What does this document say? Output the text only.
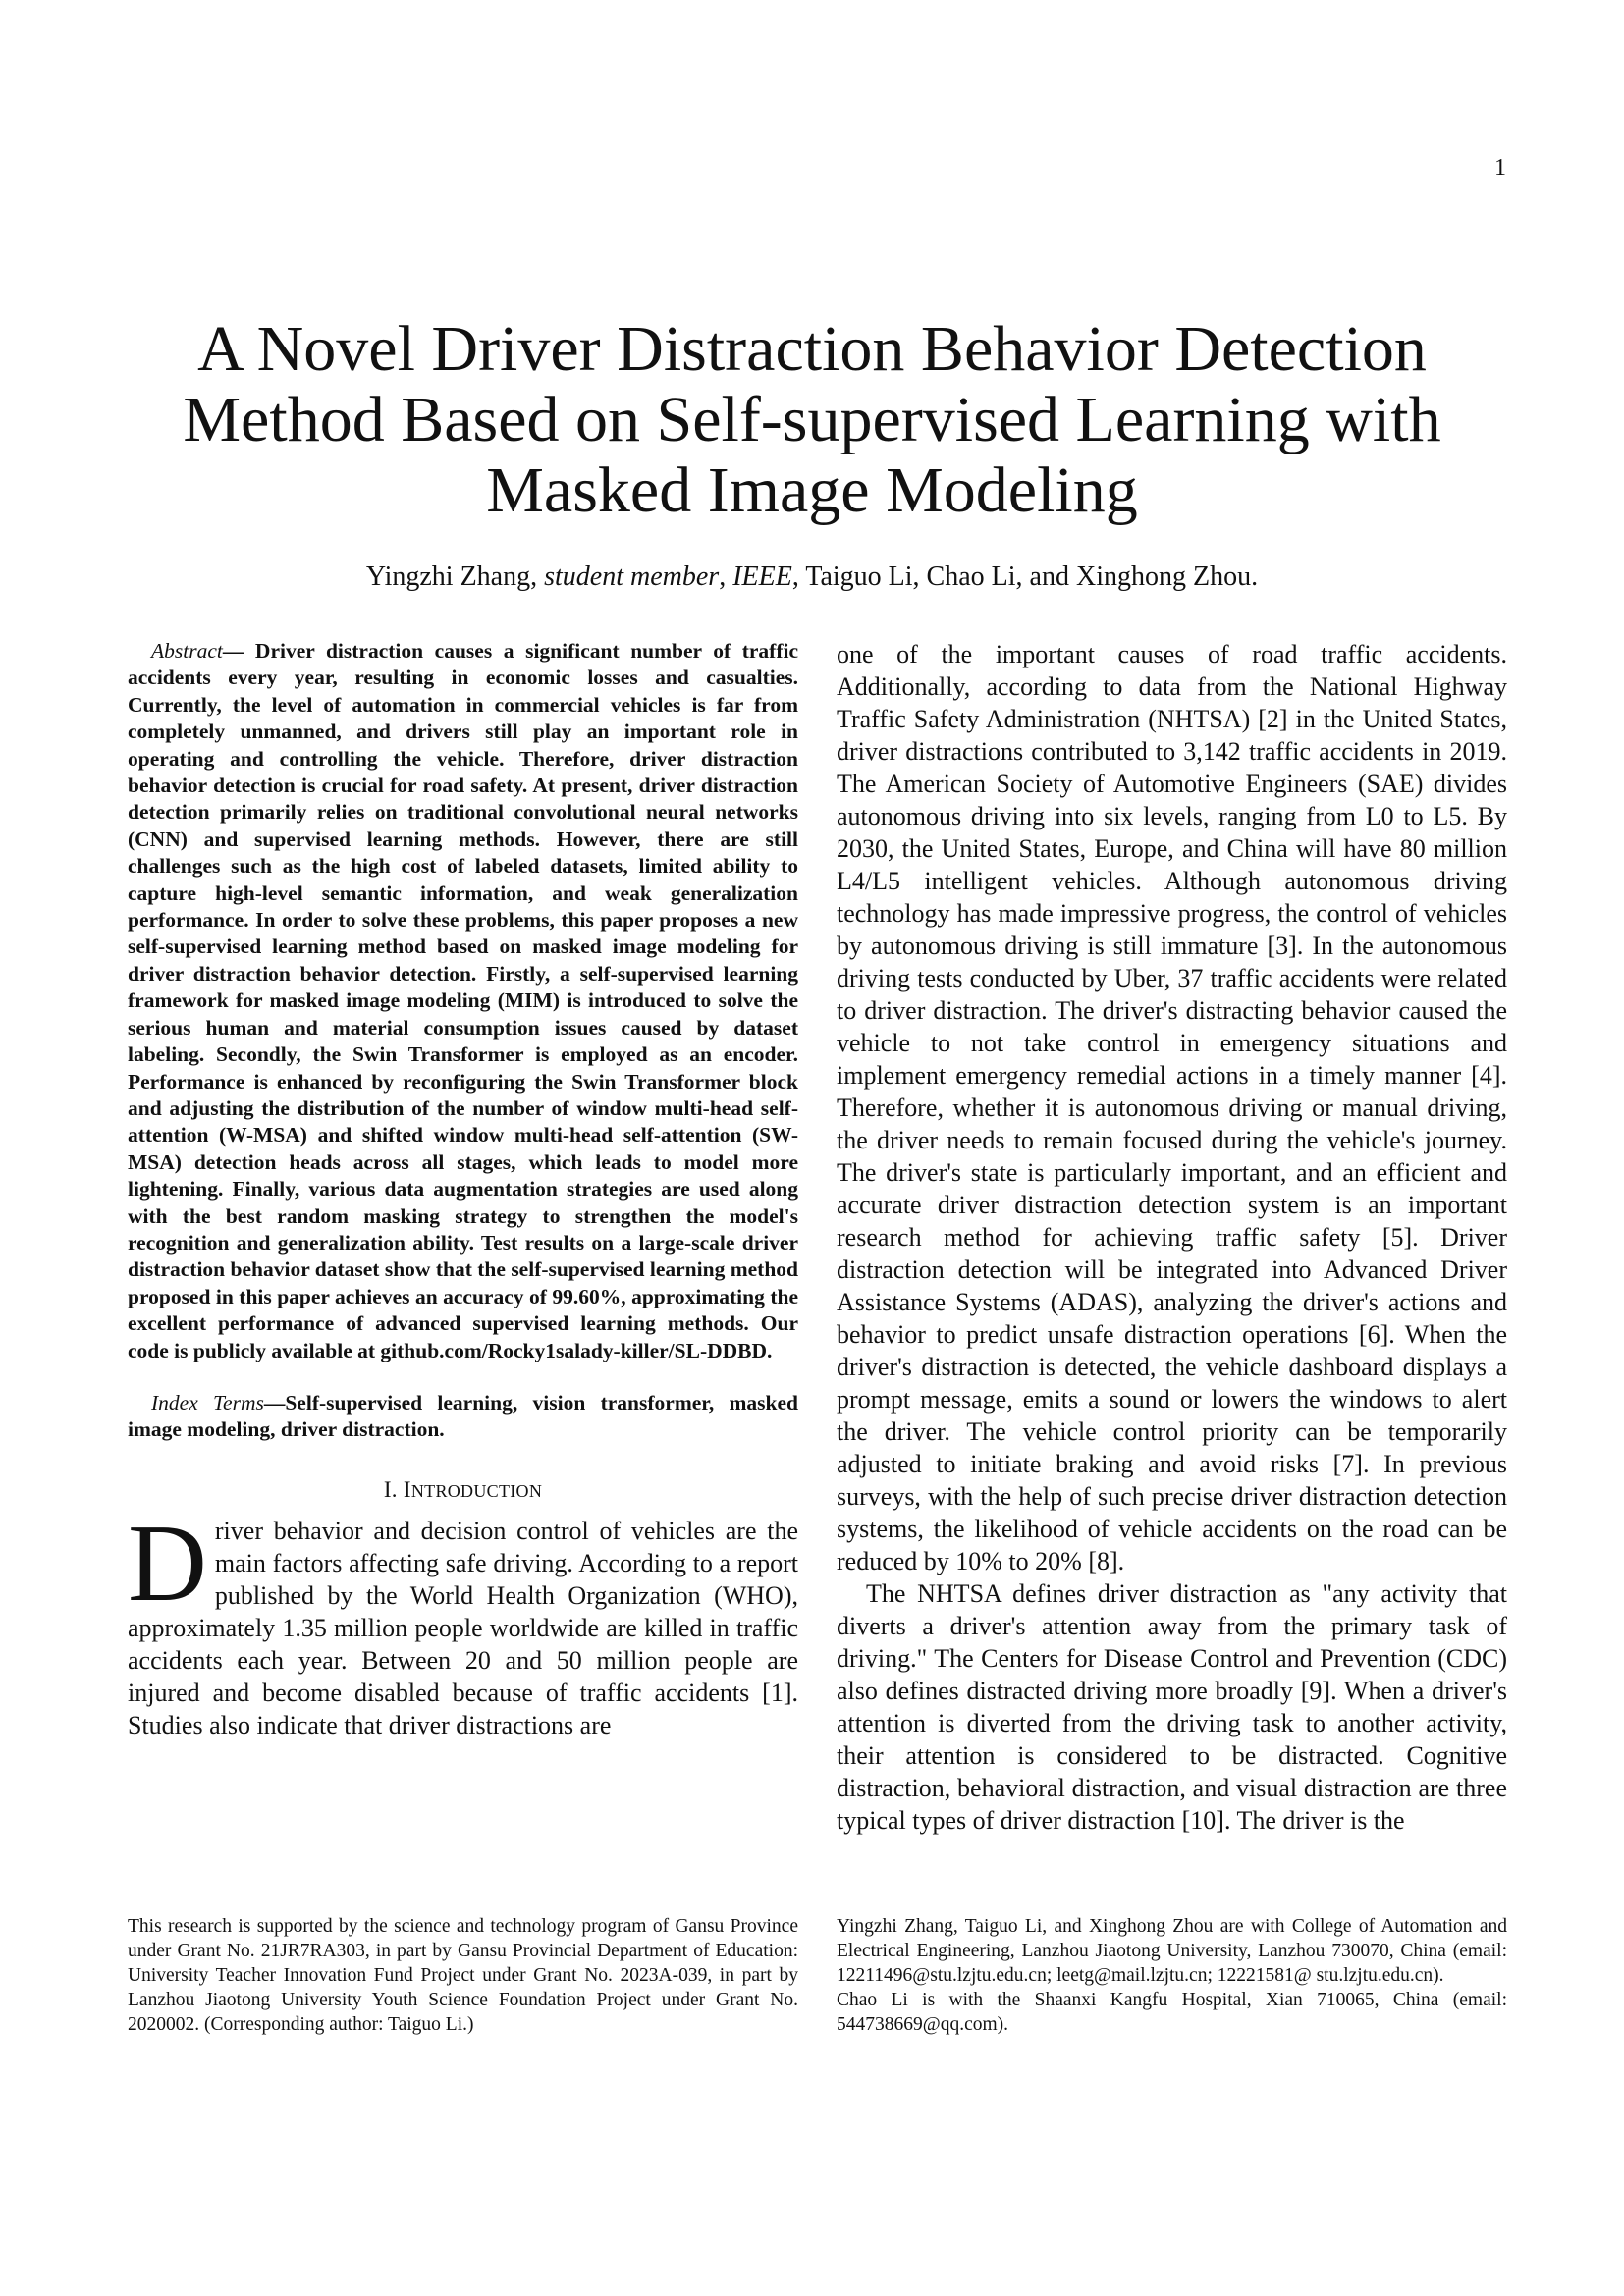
1
A Novel Driver Distraction Behavior Detection
Method Based on Self-supervised Learning with
Masked Image Modeling
Yingzhi Zhang, student member, IEEE, Taiguo Li, Chao Li, and Xinghong Zhou.

Abstract— Driver distraction causes a significant number of traffic accidents every year, resulting in economic losses and casualties. Currently, the level of automation in commercial vehicles is far from completely unmanned, and drivers still play an important role in operating and controlling the vehicle. Therefore, driver distraction behavior detection is crucial for road safety. At present, driver distraction detection primarily relies on traditional convolutional neural networks (CNN) and supervised learning methods. However, there are still challenges such as the high cost of labeled datasets, limited ability to capture high-level semantic information, and weak generalization performance. In order to solve these problems, this paper proposes a new self-supervised learning method based on masked image modeling for driver distraction behavior detection. Firstly, a self-supervised learning framework for masked image modeling (MIM) is introduced to solve the serious human and material consumption issues caused by dataset labeling. Secondly, the Swin Transformer is employed as an encoder. Performance is enhanced by reconfiguring the Swin Transformer block and adjusting the distribution of the number of window multi-head self-attention (W-MSA) and shifted window multi-head self-attention (SW-MSA) detection heads across all stages, which leads to model more lightening. Finally, various data augmentation strategies are used along with the best random masking strategy to strengthen the model's recognition and generalization ability. Test results on a large-scale driver distraction behavior dataset show that the self-supervised learning method proposed in this paper achieves an accuracy of 99.60%, approximating the excellent performance of advanced supervised learning methods. Our code is publicly available at github.com/Rocky1salady-killer/SL-DDBD.

Index Terms—Self-supervised learning, vision transformer, masked image modeling, driver distraction.

I. INTRODUCTION

Driver behavior and decision control of vehicles are the main factors affecting safe driving. According to a report published by the World Health Organization (WHO), approximately 1.35 million people worldwide are killed in traffic accidents each year. Between 20 and 50 million people are injured and become disabled because of traffic accidents [1]. Studies also indicate that driver distractions are

one of the important causes of road traffic accidents. Additionally, according to data from the National Highway Traffic Safety Administration (NHTSA) [2] in the United States, driver distractions contributed to 3,142 traffic accidents in 2019. The American Society of Automotive Engineers (SAE) divides autonomous driving into six levels, ranging from L0 to L5. By 2030, the United States, Europe, and China will have 80 million L4/L5 intelligent vehicles. Although autonomous driving technology has made impressive progress, the control of vehicles by autonomous driving is still immature [3]. In the autonomous driving tests conducted by Uber, 37 traffic accidents were related to driver distraction. The driver's distracting behavior caused the vehicle to not take control in emergency situations and implement emergency remedial actions in a timely manner [4]. Therefore, whether it is autonomous driving or manual driving, the driver needs to remain focused during the vehicle's journey. The driver's state is particularly important, and an efficient and accurate driver distraction detection system is an important research method for achieving traffic safety [5]. Driver distraction detection will be integrated into Advanced Driver Assistance Systems (ADAS), analyzing the driver's actions and behavior to predict unsafe distraction operations [6]. When the driver's distraction is detected, the vehicle dashboard displays a prompt message, emits a sound or lowers the windows to alert the driver. The vehicle control priority can be temporarily adjusted to initiate braking and avoid risks [7]. In previous surveys, with the help of such precise driver distraction detection systems, the likelihood of vehicle accidents on the road can be reduced by 10% to 20% [8].

The NHTSA defines driver distraction as "any activity that diverts a driver's attention away from the primary task of driving." The Centers for Disease Control and Prevention (CDC) also defines distracted driving more broadly [9]. When a driver's attention is diverted from the driving task to another activity, their attention is considered to be distracted. Cognitive distraction, behavioral distraction, and visual distraction are three typical types of driver distraction [10]. The driver is the

This research is supported by the science and technology program of Gansu Province under Grant No. 21JR7RA303, in part by Gansu Provincial Department of Education: University Teacher Innovation Fund Project under Grant No. 2023A-039, in part by Lanzhou Jiaotong University Youth Science Foundation Project under Grant No. 2020002. (Corresponding author: Taiguo Li.)

Yingzhi Zhang, Taiguo Li, and Xinghong Zhou are with College of Automation and Electrical Engineering, Lanzhou Jiaotong University, Lanzhou 730070, China (email: 12211496@stu.lzjtu.edu.cn; leetg@mail.lzjtu.cn; 12221581@ stu.lzjtu.edu.cn).

Chao Li is with the Shaanxi Kangfu Hospital, Xian 710065, China (email: 544738669@qq.com).
